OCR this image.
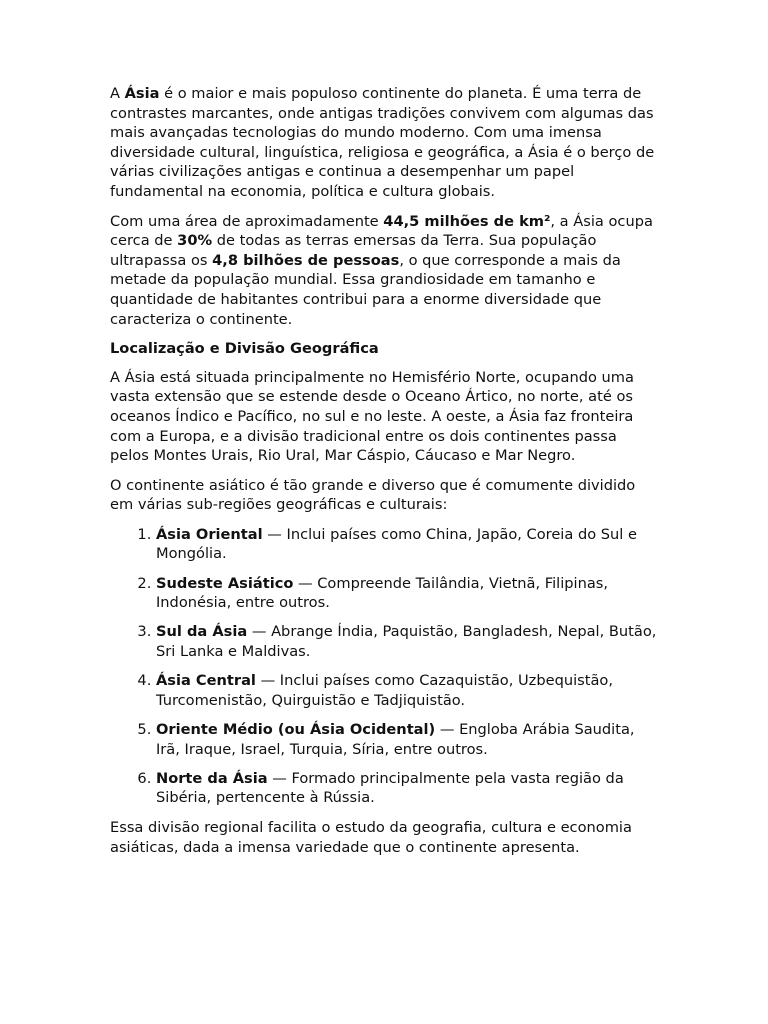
A Ásia é o maior e mais populoso continente do planeta. É uma terra de contrastes marcantes, onde antigas tradições convivem com algumas das mais avançadas tecnologias do mundo moderno. Com uma imensa diversidade cultural, linguística, religiosa e geográfica, a Ásia é o berço de várias civilizações antigas e continua a desempenhar um papel fundamental na economia, política e cultura globais.

Com uma área de aproximadamente 44,5 milhões de km², a Ásia ocupa cerca de 30% de todas as terras emersas da Terra. Sua população ultrapassa os 4,8 bilhões de pessoas, o que corresponde a mais da metade da população mundial. Essa grandiosidade em tamanho e quantidade de habitantes contribui para a enorme diversidade que caracteriza o continente.

Localização e Divisão Geográfica

A Ásia está situada principalmente no Hemisfério Norte, ocupando uma vasta extensão que se estende desde o Oceano Ártico, no norte, até os oceanos Índico e Pacífico, no sul e no leste. A oeste, a Ásia faz fronteira com a Europa, e a divisão tradicional entre os dois continentes passa pelos Montes Urais, Rio Ural, Mar Cáspio, Cáucaso e Mar Negro.

O continente asiático é tão grande e diverso que é comumente dividido em várias sub-regiões geográficas e culturais:

1. Ásia Oriental — Inclui países como China, Japão, Coreia do Sul e Mongólia.
2. Sudeste Asiático — Compreende Tailândia, Vietnã, Filipinas, Indonésia, entre outros.
3. Sul da Ásia — Abrange Índia, Paquistão, Bangladesh, Nepal, Butão, Sri Lanka e Maldivas.
4. Ásia Central — Inclui países como Cazaquistão, Uzbequistão, Turcomenistão, Quirguistão e Tadjiquistão.
5. Oriente Médio (ou Ásia Ocidental) — Engloba Arábia Saudita, Irã, Iraque, Israel, Turquia, Síria, entre outros.
6. Norte da Ásia — Formado principalmente pela vasta região da Sibéria, pertencente à Rússia.

Essa divisão regional facilita o estudo da geografia, cultura e economia asiáticas, dada a imensa variedade que o continente apresenta.
